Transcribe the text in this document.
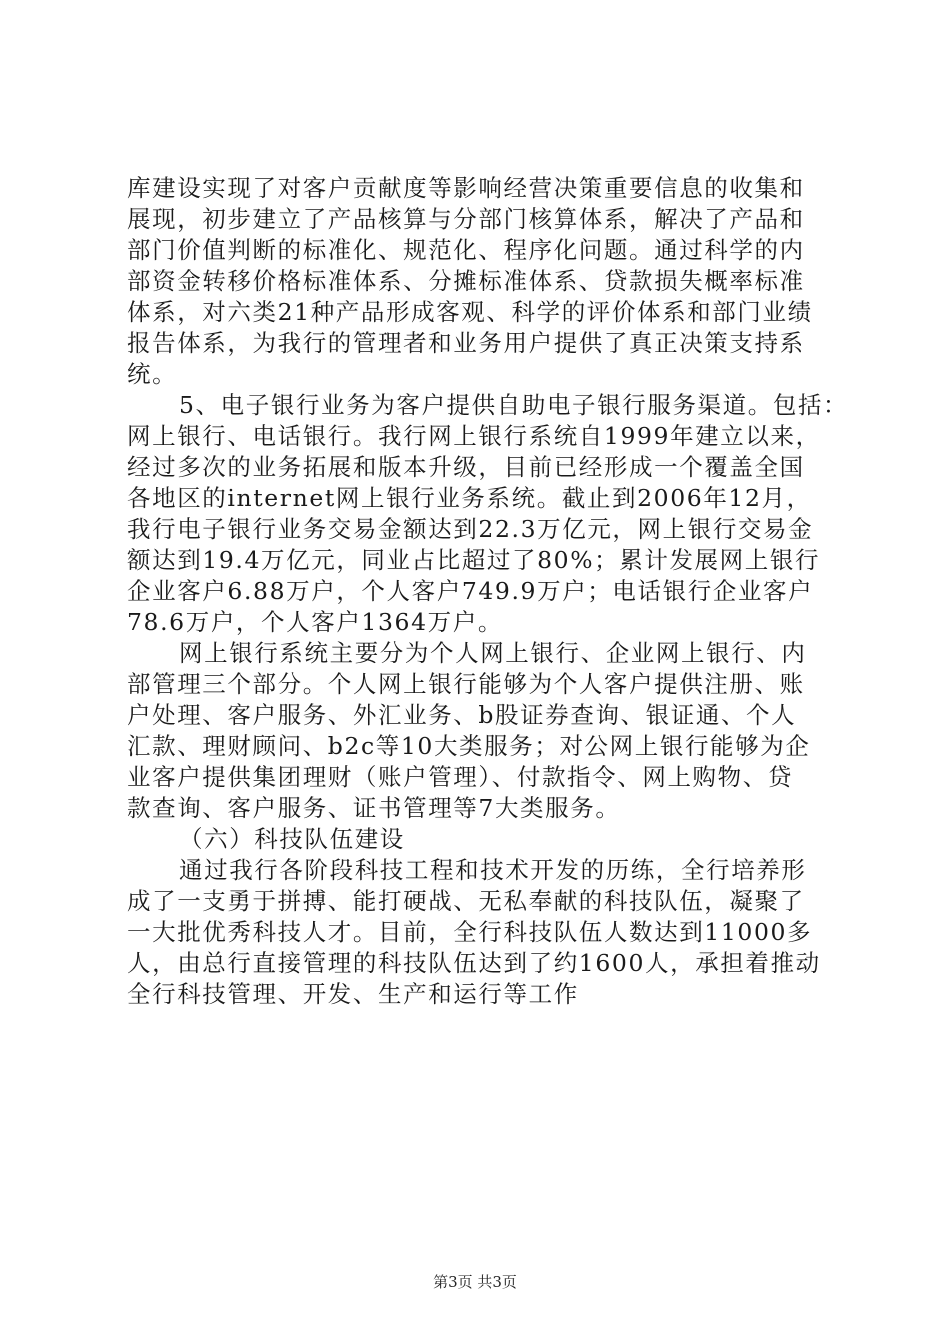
库建设实现了对客户贡献度等影响经营决策重要信息的收集和
展现，初步建立了产品核算与分部门核算体系，解决了产品和
部门价值判断的标准化、规范化、程序化问题。通过科学的内
部资金转移价格标准体系、分摊标准体系、贷款损失概率标准
体系，对六类21种产品形成客观、科学的评价体系和部门业绩
报告体系，为我行的管理者和业务用户提供了真正决策支持系
统。
5、电子银行业务为客户提供自助电子银行服务渠道。包括：
网上银行、电话银行。我行网上银行系统自1999年建立以来，
经过多次的业务拓展和版本升级，目前已经形成一个覆盖全国
各地区的internet网上银行业务系统。截止到2006年12月，
我行电子银行业务交易金额达到22.3万亿元，网上银行交易金
额达到19.4万亿元，同业占比超过了80%；累计发展网上银行
企业客户6.88万户，个人客户749.9万户；电话银行企业客户
78.6万户，个人客户1364万户。
网上银行系统主要分为个人网上银行、企业网上银行、内
部管理三个部分。个人网上银行能够为个人客户提供注册、账
户处理、客户服务、外汇业务、b股证券查询、银证通、个人
汇款、理财顾问、b2c等10大类服务；对公网上银行能够为企
业客户提供集团理财（账户管理）、付款指令、网上购物、贷
款查询、客户服务、证书管理等7大类服务。
（六）科技队伍建设
通过我行各阶段科技工程和技术开发的历练，全行培养形
成了一支勇于拼搏、能打硬战、无私奉献的科技队伍，凝聚了
一大批优秀科技人才。目前，全行科技队伍人数达到11000多
人，由总行直接管理的科技队伍达到了约1600人，承担着推动
全行科技管理、开发、生产和运行等工作
第3页 共3页
